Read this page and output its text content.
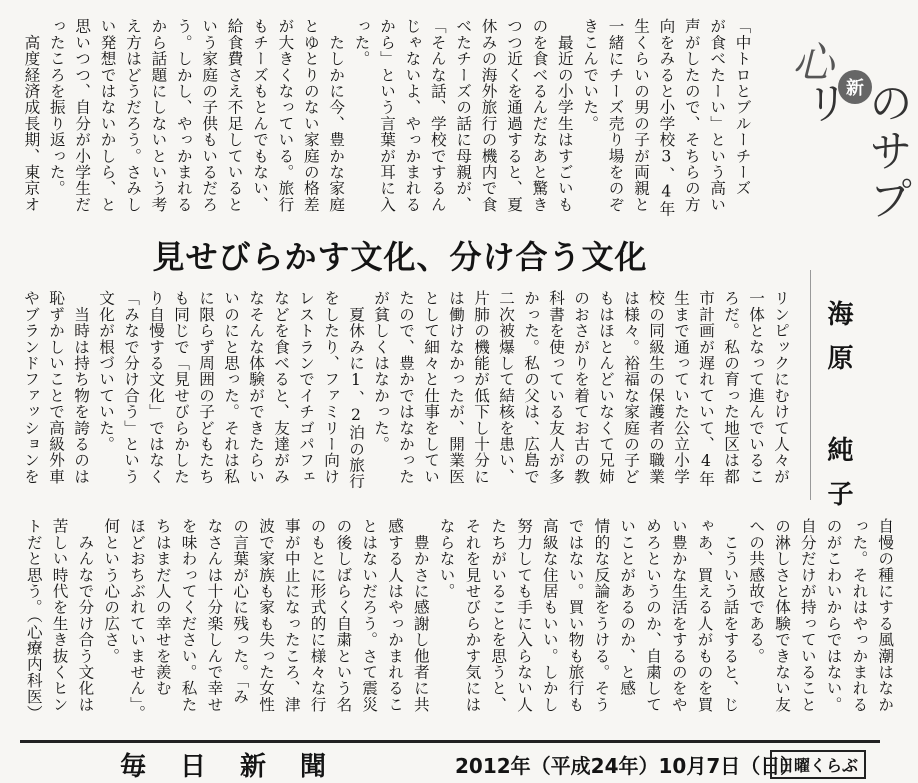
心
新
のサプリ
見せびらかす文化、分け合う文化
海原 純子
「中トロとブルーチーズ
が食べたーい」という高い
声がしたので、そちらの方
向をみると小学校3、4年
生くらいの男の子が両親と
一緒にチーズ売り場をのぞ
きこんでいた。
　最近の小学生はすごいも
のを食べるんだなあと驚き
つつ近くを通過すると、夏
休みの海外旅行の機内で食
べたチーズの話に母親が、
「そんな話、学校でするん
じゃないよ、やっかまれる
から」という言葉が耳に入
った。
　たしかに今、豊かな家庭
とゆとりのない家庭の格差
が大きくなっている。旅行
もチーズもとんでもない、
給食費さえ不足していると
いう家庭の子供もいるだろ
う。しかし、やっかまれる
から話題にしないという考
え方はどうだろう。さみし
い発想ではないかしら、と
思いつつ、自分が小学生だ
ったころを振り返った。
　高度経済成長期、東京オ
リンピックにむけて人々が
一体となって進んでいるこ
ろだ。私の育った地区は都
市計画が遅れていて、4年
生まで通っていた公立小学
校の同級生の保護者の職業
は様々。裕福な家庭の子ど
もはほとんどいなくて兄姉
のおさがりを着てお古の教
科書を使っている友人が多
かった。私の父は、広島で
二次被爆して結核を患い、
片肺の機能が低下し十分に
は働けなかったが、開業医
として細々と仕事をしてい
たので、豊かではなかった
が貧しくはなかった。
　夏休みに1、2泊の旅行
をしたり、ファミリー向け
レストランでイチゴパフェ
などを食べると、友達がみ
なそんな体験ができたらい
いのにと思った。それは私
に限らず周囲の子どもたち
も同じで「見せびらかした
り自慢する文化」ではなく
「みなで分け合う」という
文化が根づいていた。
　当時は持ち物を誇るのは
恥ずかしいことで高級外車
やブランドファッションを
自慢の種にする風潮はなか
った。それはやっかまれる
のがこわいからではない。
自分だけが持っていること
の淋しさと体験できない友
への共感故である。
　こういう話をすると、じ
ゃあ、買える人がものを買
い豊かな生活をするのをや
めろというのか、自粛して
いことがあるのか、と感
情的な反論をうける。そう
ではない。買い物も旅行も
高級な住居もいい。しかし
努力しても手に入らない人
たちがいることを思うと、
それを見せびらかす気には
ならない。
　豊かさに感謝し他者に共
感する人はやっかまれるこ
とはないだろう。さて震災
の後しばらく自粛という名
のもとに形式的に様々な行
事が中止になったころ、津
波で家族も家も失った女性
の言葉が心に残った。「み
なさんは十分楽しんで幸せ
を味わってください。私た
ちはまだ人の幸せを羨む
ほどおちぶれていません」。
何という心の広さ。
　みんなで分け合う文化は
苦しい時代を生き抜くヒン
トだと思う。（心療内科医）
毎日新聞	2012年（平成24年）10月7日（日）
日曜くらぶ
